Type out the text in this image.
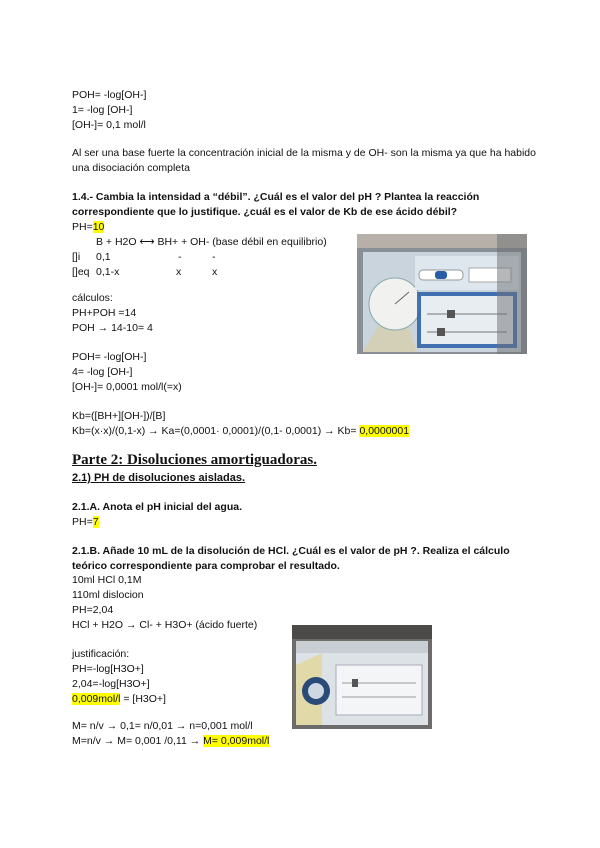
POH= -log[OH-]
1= -log [OH-]
[OH-]= 0,1 mol/l
Al ser una base fuerte la concentración inicial de la misma y de OH- son la misma ya que ha habido una disociación completa
1.4.- Cambia la intensidad a “débil”. ¿Cuál es el valor del pH ? Plantea la reacción correspondiente que lo justifique. ¿cuál es el valor de Kb de ese ácido débil?
PH=10
B + H2O ⟷ BH+ + OH- (base débil en equilibrio)
[]i 0,1	-	-
[]eq 0,1-x	x	x
cálculos:
PH+POH =14
POH → 14-10= 4
POH= -log[OH-]
4= -log [OH-]
[OH-]= 0,0001 mol/l(=x)
Kb=([BH+][OH-])/[B]
Kb=(x·x)/(0,1-x) → Ka=(0,0001· 0,0001)/(0,1- 0,0001) → Kb= 0,0000001
Parte 2: Disoluciones amortiguadoras.
2.1) PH de disoluciones aisladas.
2.1.A. Anota el pH inicial del agua.
PH=7
2.1.B. Añade 10 mL de la disolución de HCl. ¿Cuál es el valor de pH ?. Realiza el cálculo teórico correspondiente para comprobar el resultado.
10ml HCl 0,1M
110ml dislocion
PH=2,04
HCl + H2O → Cl- + H3O+ (ácido fuerte)
justificación:
PH=-log[H3O+]
2,04=-log[H3O+]
0,009mol/l = [H3O+]
M= n/v → 0,1= n/0,01 → n=0,001 mol/l
M=n/v → M= 0,001 /0,11 → M= 0,009mol/l
